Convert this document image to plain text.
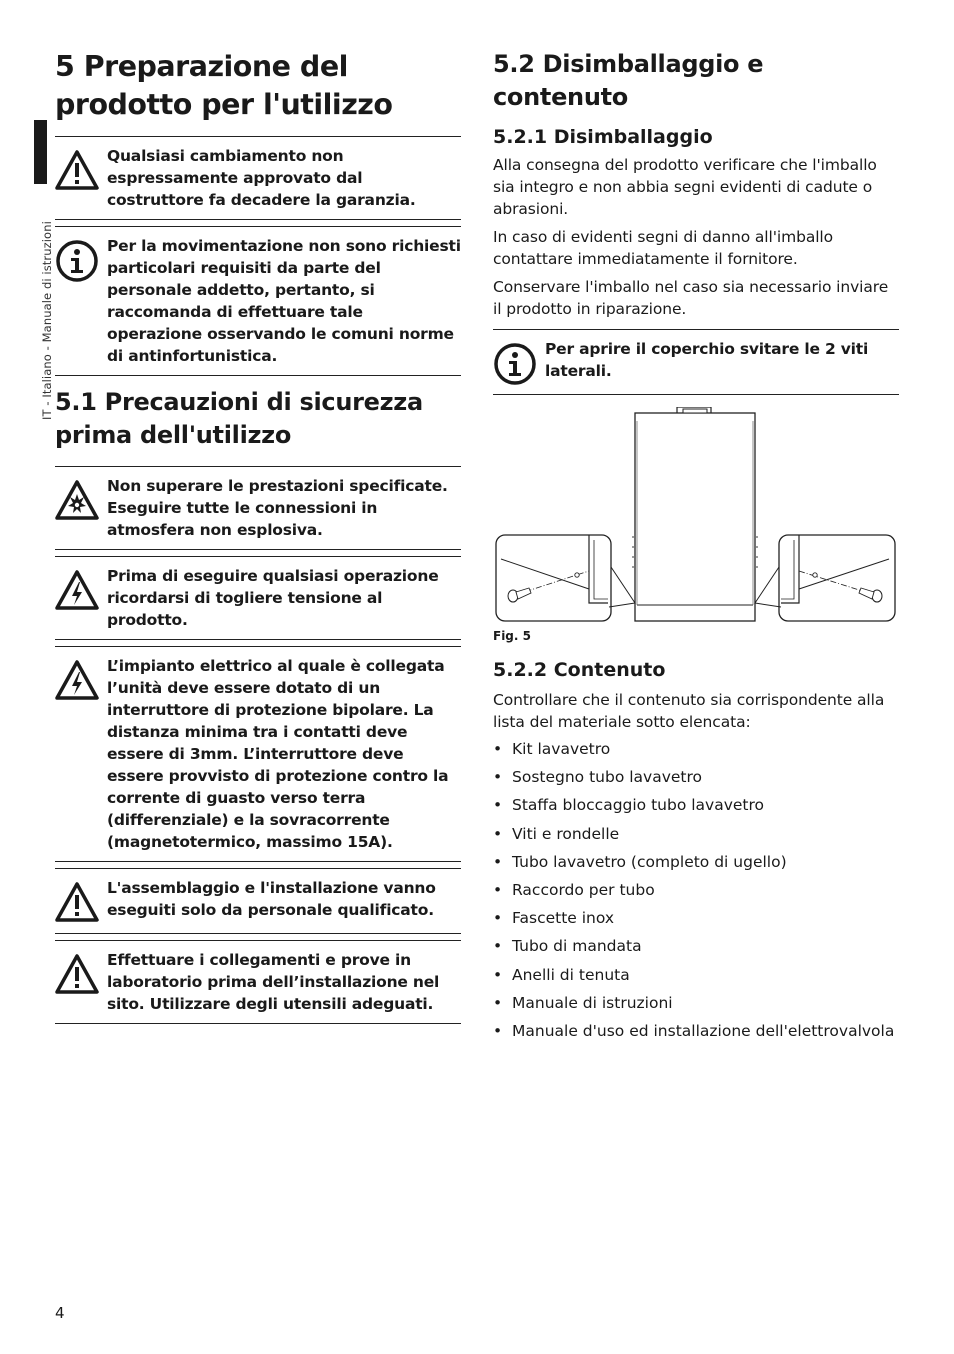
IT - Italiano - Manuale di istruzioni
5 Preparazione del prodotto per l'utilizzo
Qualsiasi cambiamento non espressamente approvato dal costruttore fa decadere la garanzia.
Per la movimentazione non sono richiesti particolari requisiti da parte del personale addetto, pertanto, si raccomanda di effettuare tale operazione osservando le comuni norme di antinfortunistica.
5.1 Precauzioni di sicurezza prima dell'utilizzo
Non superare le prestazioni specificate. Eseguire tutte le connessioni in atmosfera non esplosiva.
Prima di eseguire qualsiasi operazione ricordarsi di togliere tensione al prodotto.
L’impianto elettrico al quale è collegata l’unità deve essere dotato di un interruttore di protezione bipolare. La distanza minima tra i contatti deve essere di 3mm. L’interruttore deve essere provvisto di protezione contro la corrente di guasto verso terra (differenziale) e la sovracorrente (magnetotermico, massimo 15A).
L'assemblaggio e l'installazione vanno eseguiti solo da personale qualificato.
Effettuare i collegamenti e prove in laboratorio prima dell’installazione nel sito. Utilizzare degli utensili adeguati.
5.2 Disimballaggio e contenuto
5.2.1 Disimballaggio
Alla consegna del prodotto verificare che l'imballo sia integro e non abbia segni evidenti di cadute o abrasioni.
In caso di evidenti segni di danno all'imballo contattare immediatamente il fornitore.
Conservare l'imballo nel caso sia necessario inviare il prodotto in riparazione.
Per aprire il coperchio svitare le 2 viti laterali.
Fig. 5
5.2.2 Contenuto
Controllare che il contenuto sia corrispondente alla lista del materiale sotto elencata:
• Kit lavavetro
• Sostegno tubo lavavetro
• Staffa bloccaggio tubo lavavetro
• Viti e rondelle
• Tubo lavavetro (completo di ugello)
• Raccordo per tubo
• Fascette inox
• Tubo di mandata
• Anelli di tenuta
• Manuale di istruzioni
• Manuale d'uso ed installazione dell'elettrovalvola
4
